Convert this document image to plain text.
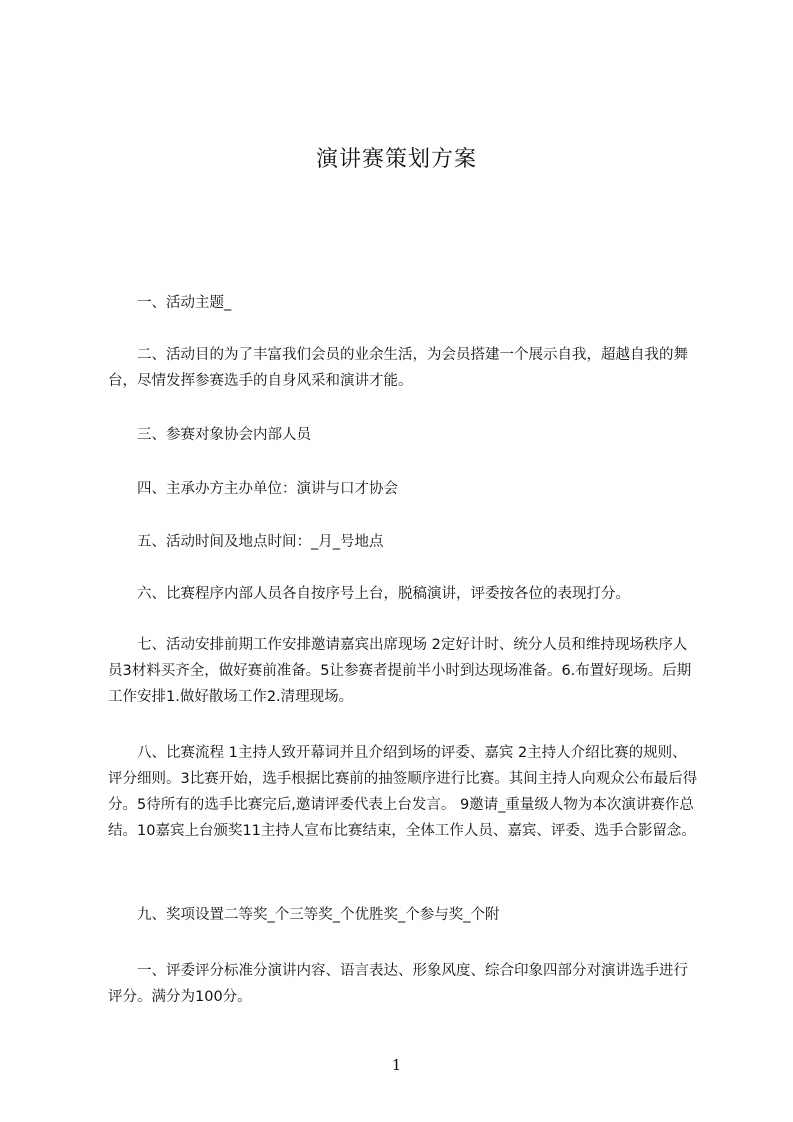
演讲赛策划方案

一、活动主题_

二、活动目的为了丰富我们会员的业余生活，为会员搭建一个展示自我，超越自我的舞台，尽情发挥参赛选手的自身风采和演讲才能。

三、参赛对象协会内部人员

四、主承办方主办单位：演讲与口才协会

五、活动时间及地点时间：_月_号地点

六、比赛程序内部人员各自按序号上台，脱稿演讲，评委按各位的表现打分。

七、活动安排前期工作安排邀请嘉宾出席现场 2定好计时、统分人员和维持现场秩序人员3材料买齐全，做好赛前准备。5让参赛者提前半小时到达现场准备。6.布置好现场。后期工作安排1.做好散场工作2.清理现场。

八、比赛流程 1主持人致开幕词并且介绍到场的评委、嘉宾 2主持人介绍比赛的规则、评分细则。3比赛开始，选手根据比赛前的抽签顺序进行比赛。其间主持人向观众公布最后得分。5待所有的选手比赛完后,邀请评委代表上台发言。 9邀请_重量级人物为本次演讲赛作总结。10嘉宾上台颁奖11主持人宣布比赛结束，全体工作人员、嘉宾、评委、选手合影留念。

九、奖项设置二等奖_个三等奖_个优胜奖_个参与奖_个附

一、评委评分标准分演讲内容、语言表达、形象风度、综合印象四部分对演讲选手进行评分。满分为100分。

1
